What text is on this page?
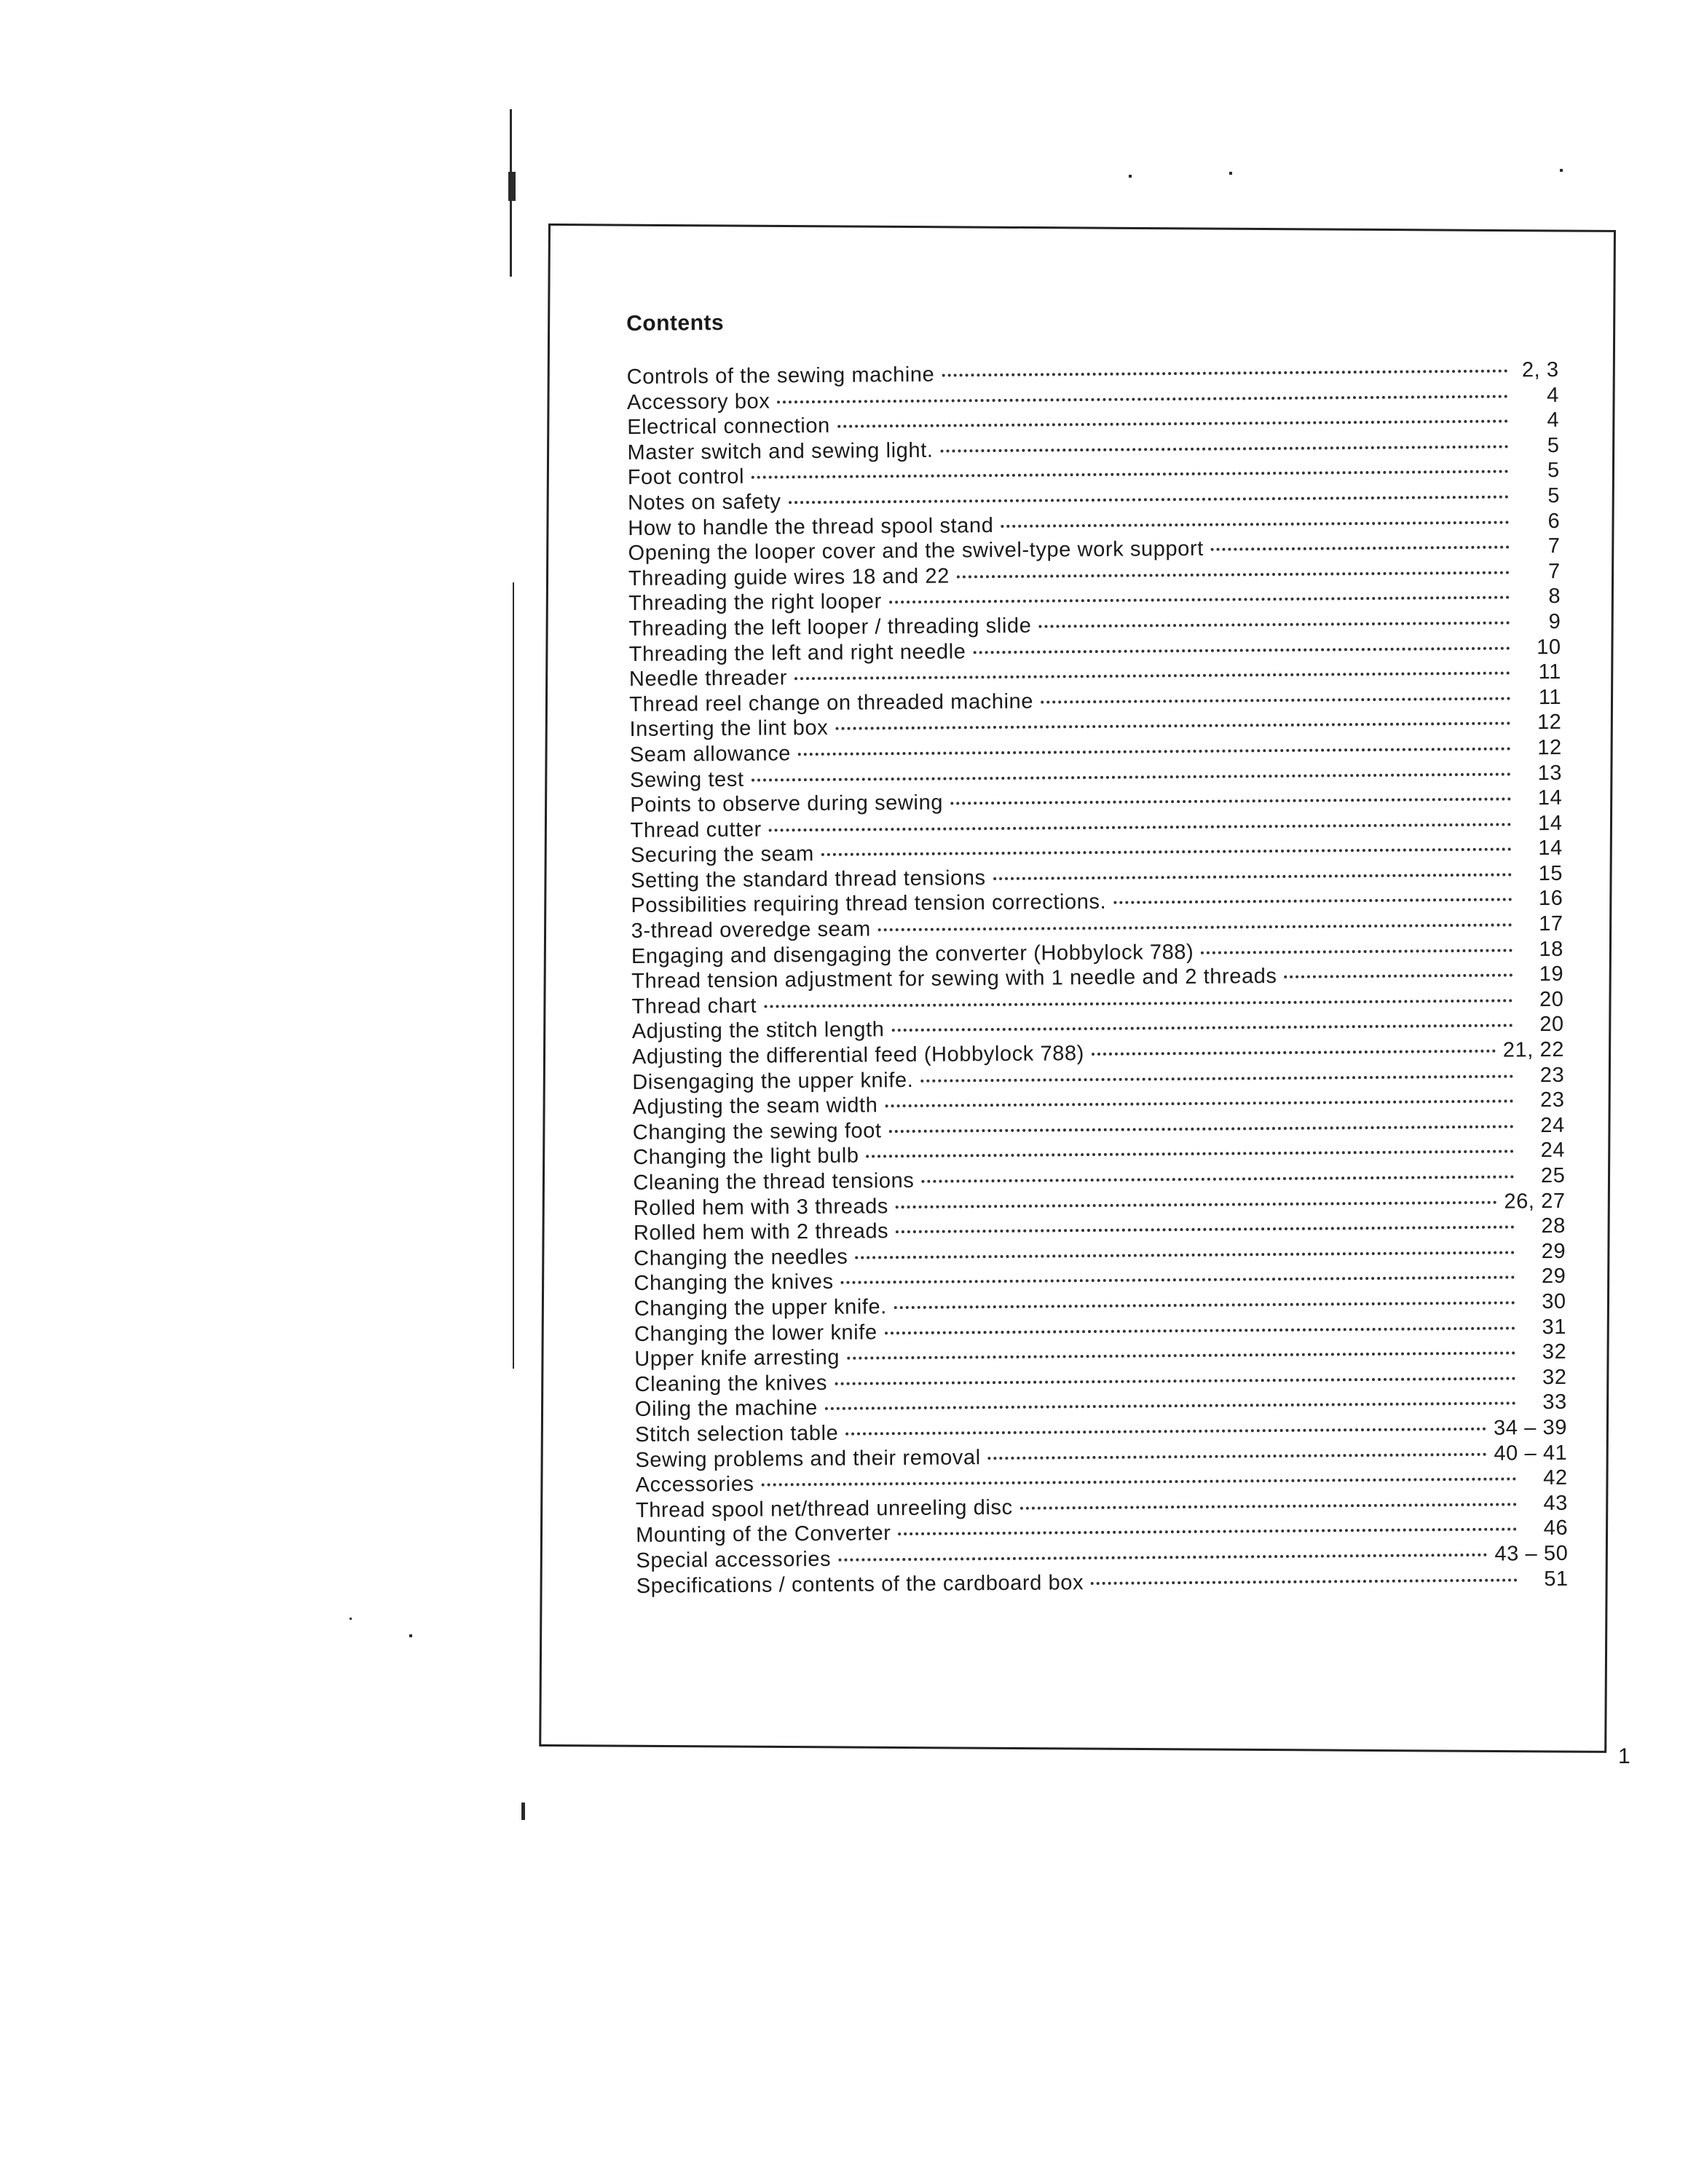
Contents
Controls of the sewing machine	2, 3
Accessory box	4
Electrical connection	4
Master switch and sewing light.	5
Foot control	5
Notes on safety	5
How to handle the thread spool stand	6
Opening the looper cover and the swivel-type work support	7
Threading guide wires 18 and 22	7
Threading the right looper	8
Threading the left looper / threading slide	9
Threading the left and right needle	10
Needle threader	11
Thread reel change on threaded machine	11
Inserting the lint box	12
Seam allowance	12
Sewing test	13
Points to observe during sewing	14
Thread cutter	14
Securing the seam	14
Setting the standard thread tensions	15
Possibilities requiring thread tension corrections.	16
3-thread overedge seam	17
Engaging and disengaging the converter (Hobbylock 788)	18
Thread tension adjustment for sewing with 1 needle and 2 threads	19
Thread chart	20
Adjusting the stitch length	20
Adjusting the differential feed (Hobbylock 788)	21, 22
Disengaging the upper knife.	23
Adjusting the seam width	23
Changing the sewing foot	24
Changing the light bulb	24
Cleaning the thread tensions	25
Rolled hem with 3 threads	26, 27
Rolled hem with 2 threads	28
Changing the needles	29
Changing the knives	29
Changing the upper knife.	30
Changing the lower knife	31
Upper knife arresting	32
Cleaning the knives	32
Oiling the machine	33
Stitch selection table	34 – 39
Sewing problems and their removal	40 – 41
Accessories	42
Thread spool net/thread unreeling disc	43
Mounting of the Converter	46
Special accessories	43 – 50
Specifications / contents of the cardboard box	51
1
